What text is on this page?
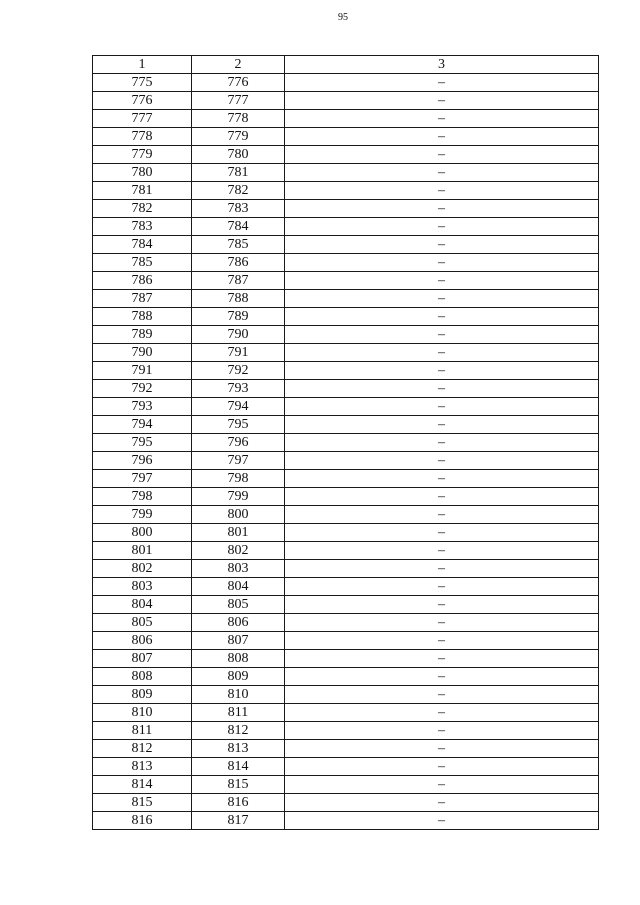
95
1	2	3
775	776	–
776	777	–
777	778	–
778	779	–
779	780	–
780	781	–
781	782	–
782	783	–
783	784	–
784	785	–
785	786	–
786	787	–
787	788	–
788	789	–
789	790	–
790	791	–
791	792	–
792	793	–
793	794	–
794	795	–
795	796	–
796	797	–
797	798	–
798	799	–
799	800	–
800	801	–
801	802	–
802	803	–
803	804	–
804	805	–
805	806	–
806	807	–
807	808	–
808	809	–
809	810	–
810	811	–
811	812	–
812	813	–
813	814	–
814	815	–
815	816	–
816	817	–
